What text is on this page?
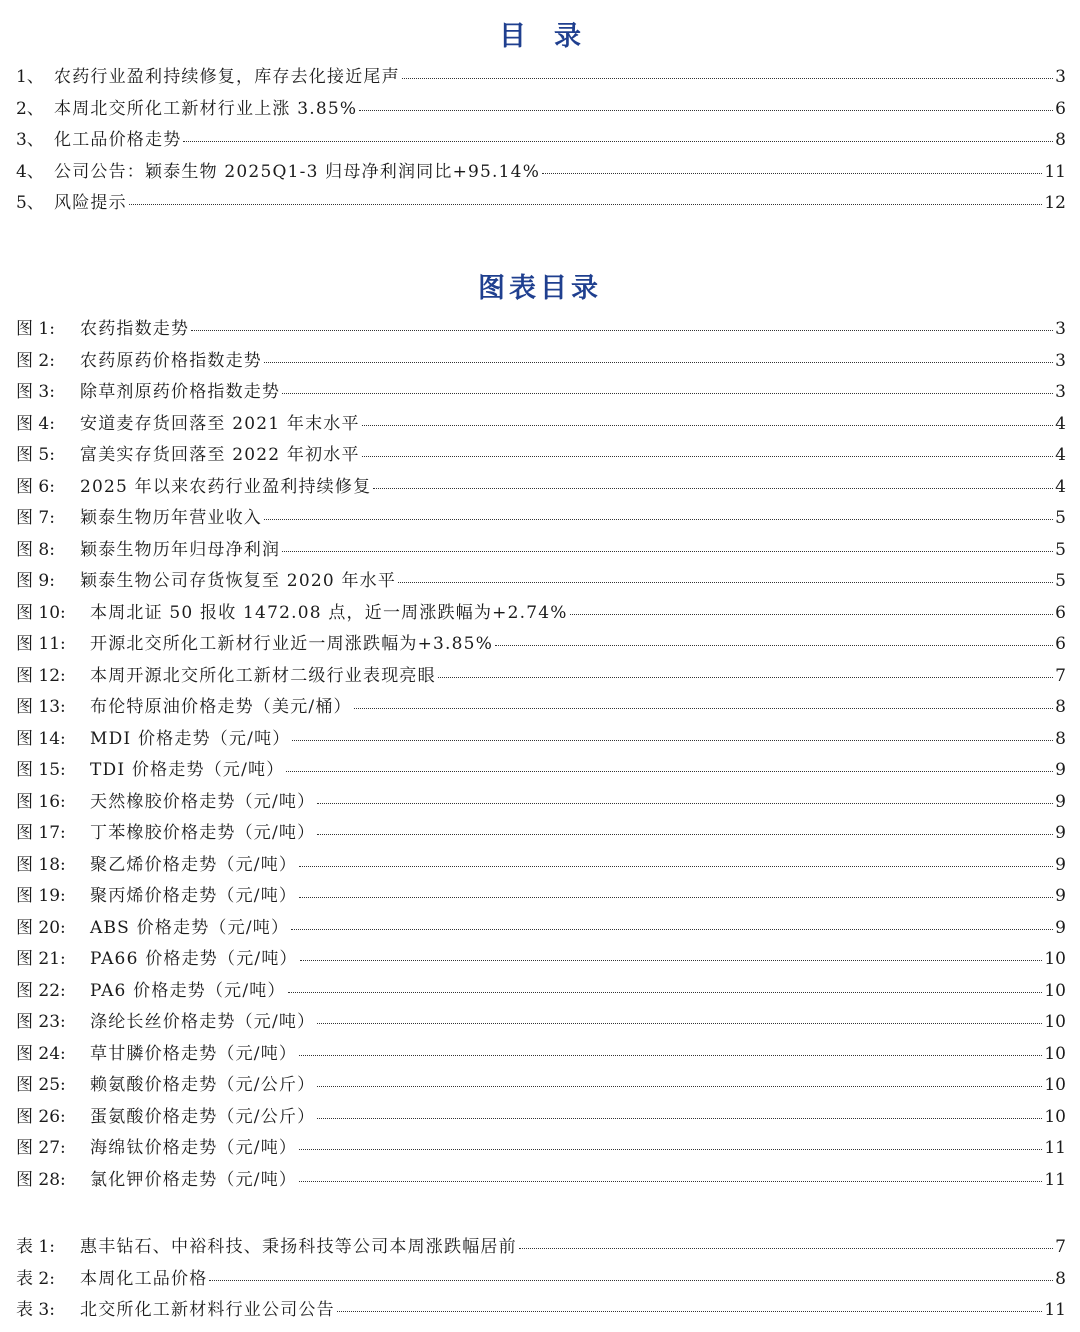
目录
1、 农药行业盈利持续修复，库存去化接近尾声	3
2、 本周北交所化工新材行业上涨 3.85%	6
3、 化工品价格走势	8
4、 公司公告：颖泰生物 2025Q1-3 归母净利润同比+95.14%	11
5、 风险提示	12
图表目录
图 1:	农药指数走势	3
图 2:	农药原药价格指数走势	3
图 3:	除草剂原药价格指数走势	3
图 4:	安道麦存货回落至 2021 年末水平	4
图 5:	富美实存货回落至 2022 年初水平	4
图 6:	2025 年以来农药行业盈利持续修复	4
图 7:	颖泰生物历年营业收入	5
图 8:	颖泰生物历年归母净利润	5
图 9:	颖泰生物公司存货恢复至 2020 年水平	5
图 10:	本周北证 50 报收 1472.08 点，近一周涨跌幅为+2.74%	6
图 11:	开源北交所化工新材行业近一周涨跌幅为+3.85%	6
图 12:	本周开源北交所化工新材二级行业表现亮眼	7
图 13:	布伦特原油价格走势（美元/桶）	8
图 14:	MDI 价格走势（元/吨）	8
图 15:	TDI 价格走势（元/吨）	9
图 16:	天然橡胶价格走势（元/吨）	9
图 17:	丁苯橡胶价格走势（元/吨）	9
图 18:	聚乙烯价格走势（元/吨）	9
图 19:	聚丙烯价格走势（元/吨）	9
图 20:	ABS 价格走势（元/吨）	9
图 21:	PA66 价格走势（元/吨）	10
图 22:	PA6 价格走势（元/吨）	10
图 23:	涤纶长丝价格走势（元/吨）	10
图 24:	草甘膦价格走势（元/吨）	10
图 25:	赖氨酸价格走势（元/公斤）	10
图 26:	蛋氨酸价格走势（元/公斤）	10
图 27:	海绵钛价格走势（元/吨）	11
图 28:	氯化钾价格走势（元/吨）	11
表 1:	惠丰钻石、中裕科技、秉扬科技等公司本周涨跌幅居前	7
表 2:	本周化工品价格	8
表 3:	北交所化工新材料行业公司公告	11
